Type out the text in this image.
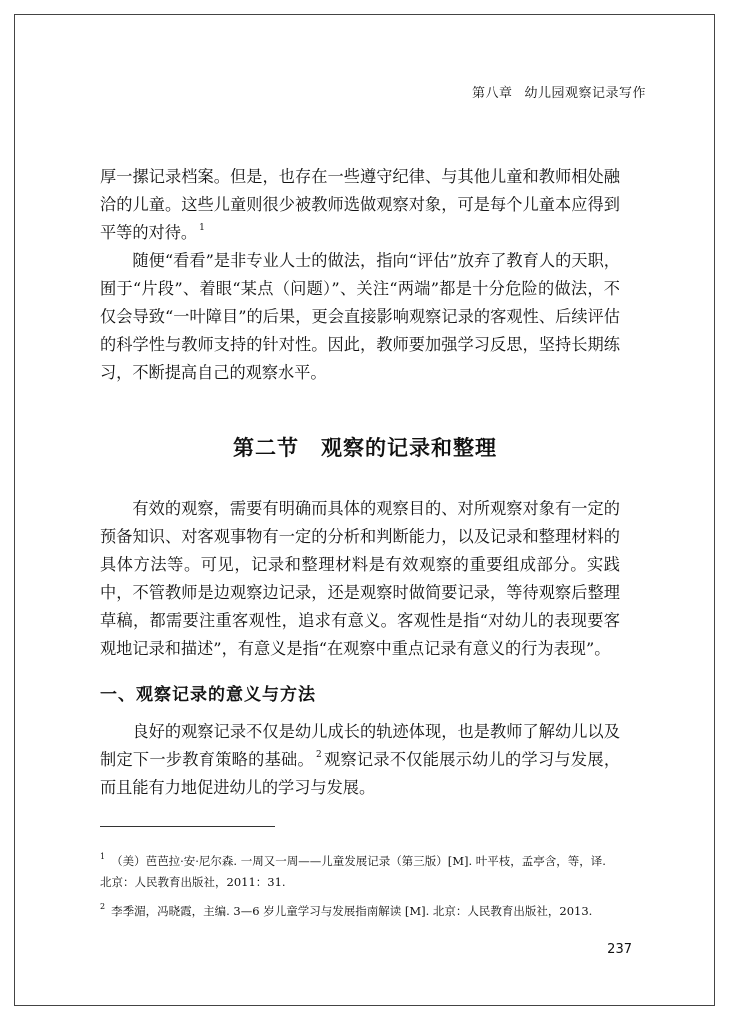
第八章 幼儿园观察记录写作

厚一摞记录档案。但是，也存在一些遵守纪律、与其他儿童和教师相处融洽的儿童。这些儿童则很少被教师选做观察对象，可是每个儿童本应得到平等的对待。 $^1$

随便“看看”是非专业人士的做法，指向“评估”放弃了教育人的天职，囿于“片段”、着眼“某点（问题）”、关注“两端”都是十分危险的做法，不仅会导致“一叶障目”的后果，更会直接影响观察记录的客观性、后续评估的科学性与教师支持的针对性。因此，教师要加强学习反思，坚持长期练习，不断提高自己的观察水平。

第二节 观察的记录和整理

有效的观察，需要有明确而具体的观察目的、对所观察对象有一定的预备知识、对客观事物有一定的分析和判断能力，以及记录和整理材料的具体方法等。可见，记录和整理材料是有效观察的重要组成部分。实践中，不管教师是边观察边记录，还是观察时做简要记录，等待观察后整理草稿，都需要注重客观性，追求有意义。客观性是指“对幼儿的表现要客观地记录和描述”，有意义是指“在观察中重点记录有意义的行为表现”。

一、观察记录的意义与方法

良好的观察记录不仅是幼儿成长的轨迹体现，也是教师了解幼儿以及制定下一步教育策略的基础。 $^2$ 观察记录不仅能展示幼儿的学习与发展，而且能有力地促进幼儿的学习与发展。

$^1$ （美）芭芭拉·安·尼尔森. 一周又一周——儿童发展记录（第三版）[M]. 叶平枝，孟亭含，等，译. 北京：人民教育出版社，2011：31.

$^2$ 李季湄，冯晓霞，主编. 3—6 岁儿童学习与发展指南解读 [M]. 北京：人民教育出版社，2013.

237
